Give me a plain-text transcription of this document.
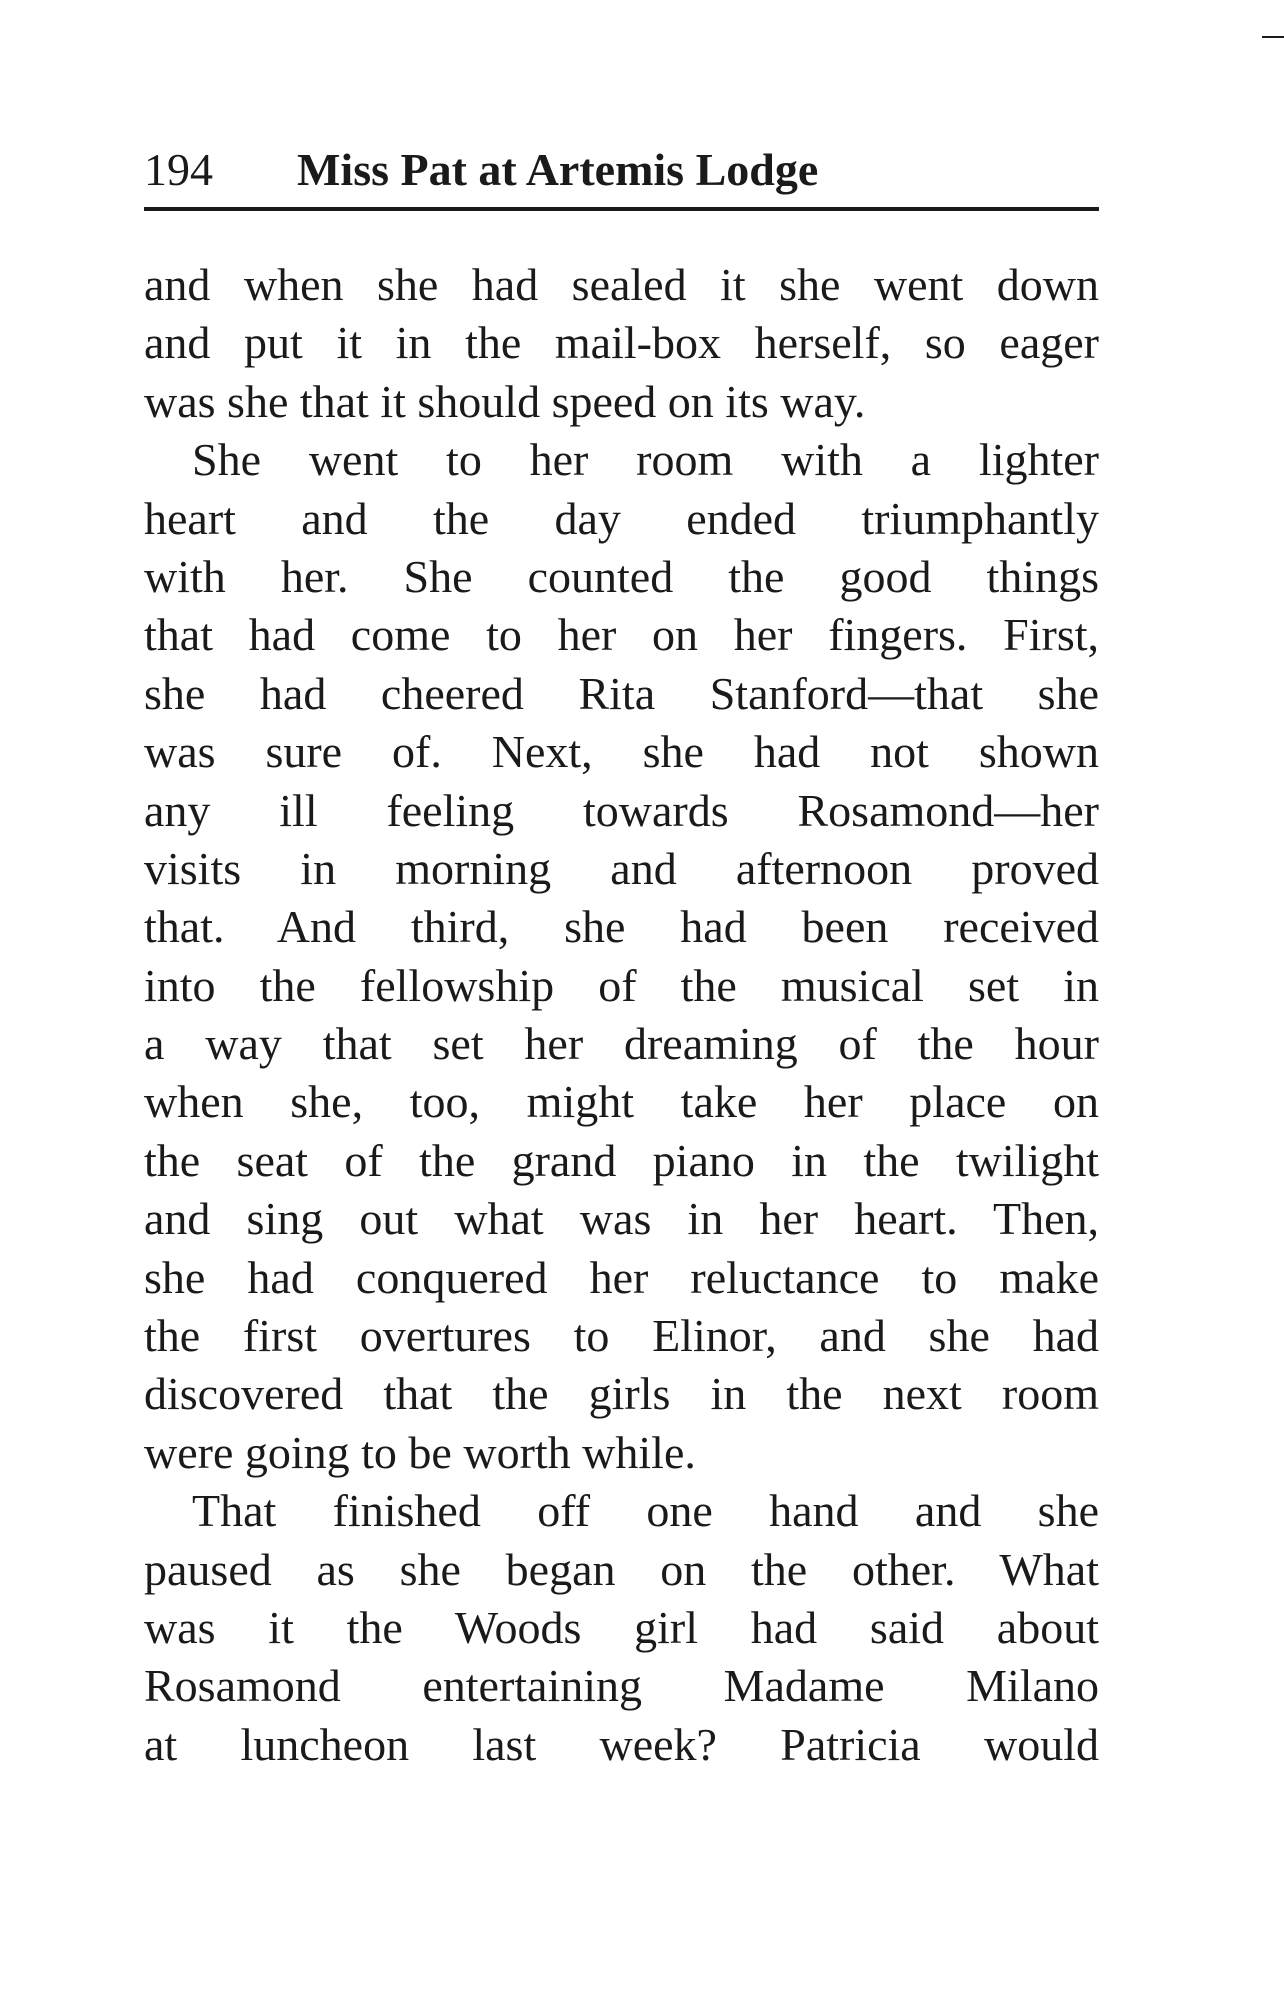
194 Miss Pat at Artemis Lodge
and when she had sealed it she went down
and put it in the mail-box herself, so eager
was she that it should speed on its way.
She went to her room with a lighter
heart and the day ended triumphantly
with her. She counted the good things
that had come to her on her fingers. First,
she had cheered Rita Stanford—that she
was sure of. Next, she had not shown
any ill feeling towards Rosamond—her
visits in morning and afternoon proved
that. And third, she had been received
into the fellowship of the musical set in
a way that set her dreaming of the hour
when she, too, might take her place on
the seat of the grand piano in the twilight
and sing out what was in her heart. Then,
she had conquered her reluctance to make
the first overtures to Elinor, and she had
discovered that the girls in the next room
were going to be worth while.
That finished off one hand and she
paused as she began on the other. What
was it the Woods girl had said about
Rosamond entertaining Madame Milano
at luncheon last week? Patricia would
